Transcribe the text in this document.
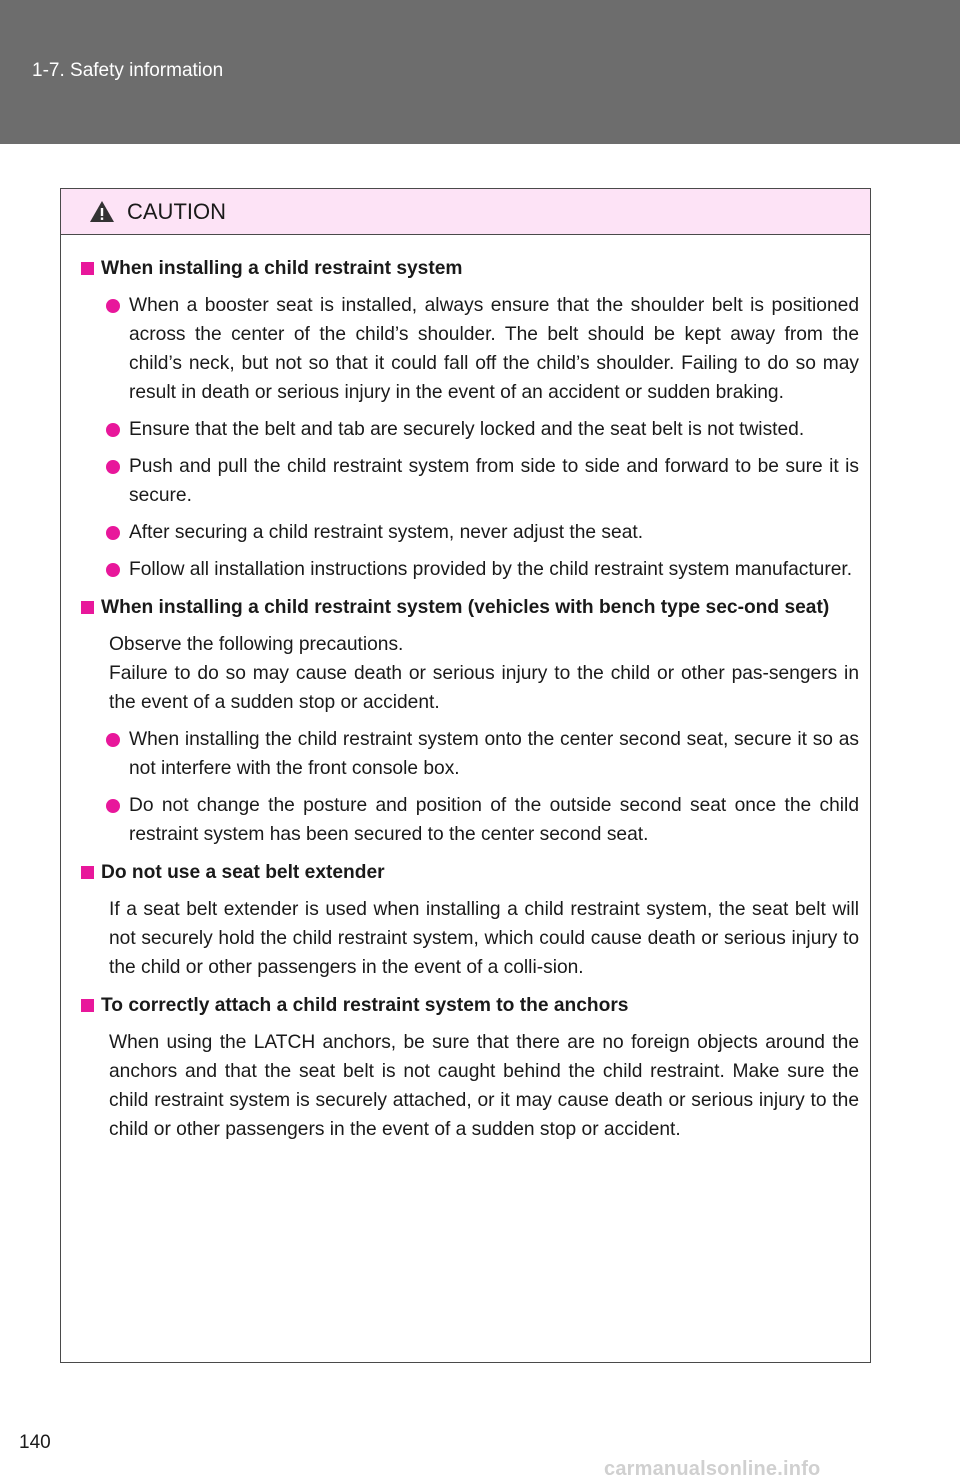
1-7. Safety information
CAUTION
When installing a child restraint system
When a booster seat is installed, always ensure that the shoulder belt is positioned across the center of the child’s shoulder. The belt should be kept away from the child’s neck, but not so that it could fall off the child’s shoulder. Failing to do so may result in death or serious injury in the event of an accident or sudden braking.
Ensure that the belt and tab are securely locked and the seat belt is not twisted.
Push and pull the child restraint system from side to side and forward to be sure it is secure.
After securing a child restraint system, never adjust the seat.
Follow all installation instructions provided by the child restraint system manufacturer.
When installing a child restraint system (vehicles with bench type sec-ond seat)
Observe the following precautions.
Failure to do so may cause death or serious injury to the child or other pas-sengers in the event of a sudden stop or accident.
When installing the child restraint system onto the center second seat, secure it so as not interfere with the front console box.
Do not change the posture and position of the outside second seat once the child restraint system has been secured to the center second seat.
Do not use a seat belt extender
If a seat belt extender is used when installing a child restraint system, the seat belt will not securely hold the child restraint system, which could cause death or serious injury to the child or other passengers in the event of a colli-sion.
To correctly attach a child restraint system to the anchors
When using the LATCH anchors, be sure that there are no foreign objects around the anchors and that the seat belt is not caught behind the child restraint. Make sure the child restraint system is securely attached, or it may cause death or serious injury to the child or other passengers in the event of a sudden stop or accident.
140
carmanualsonline.info
